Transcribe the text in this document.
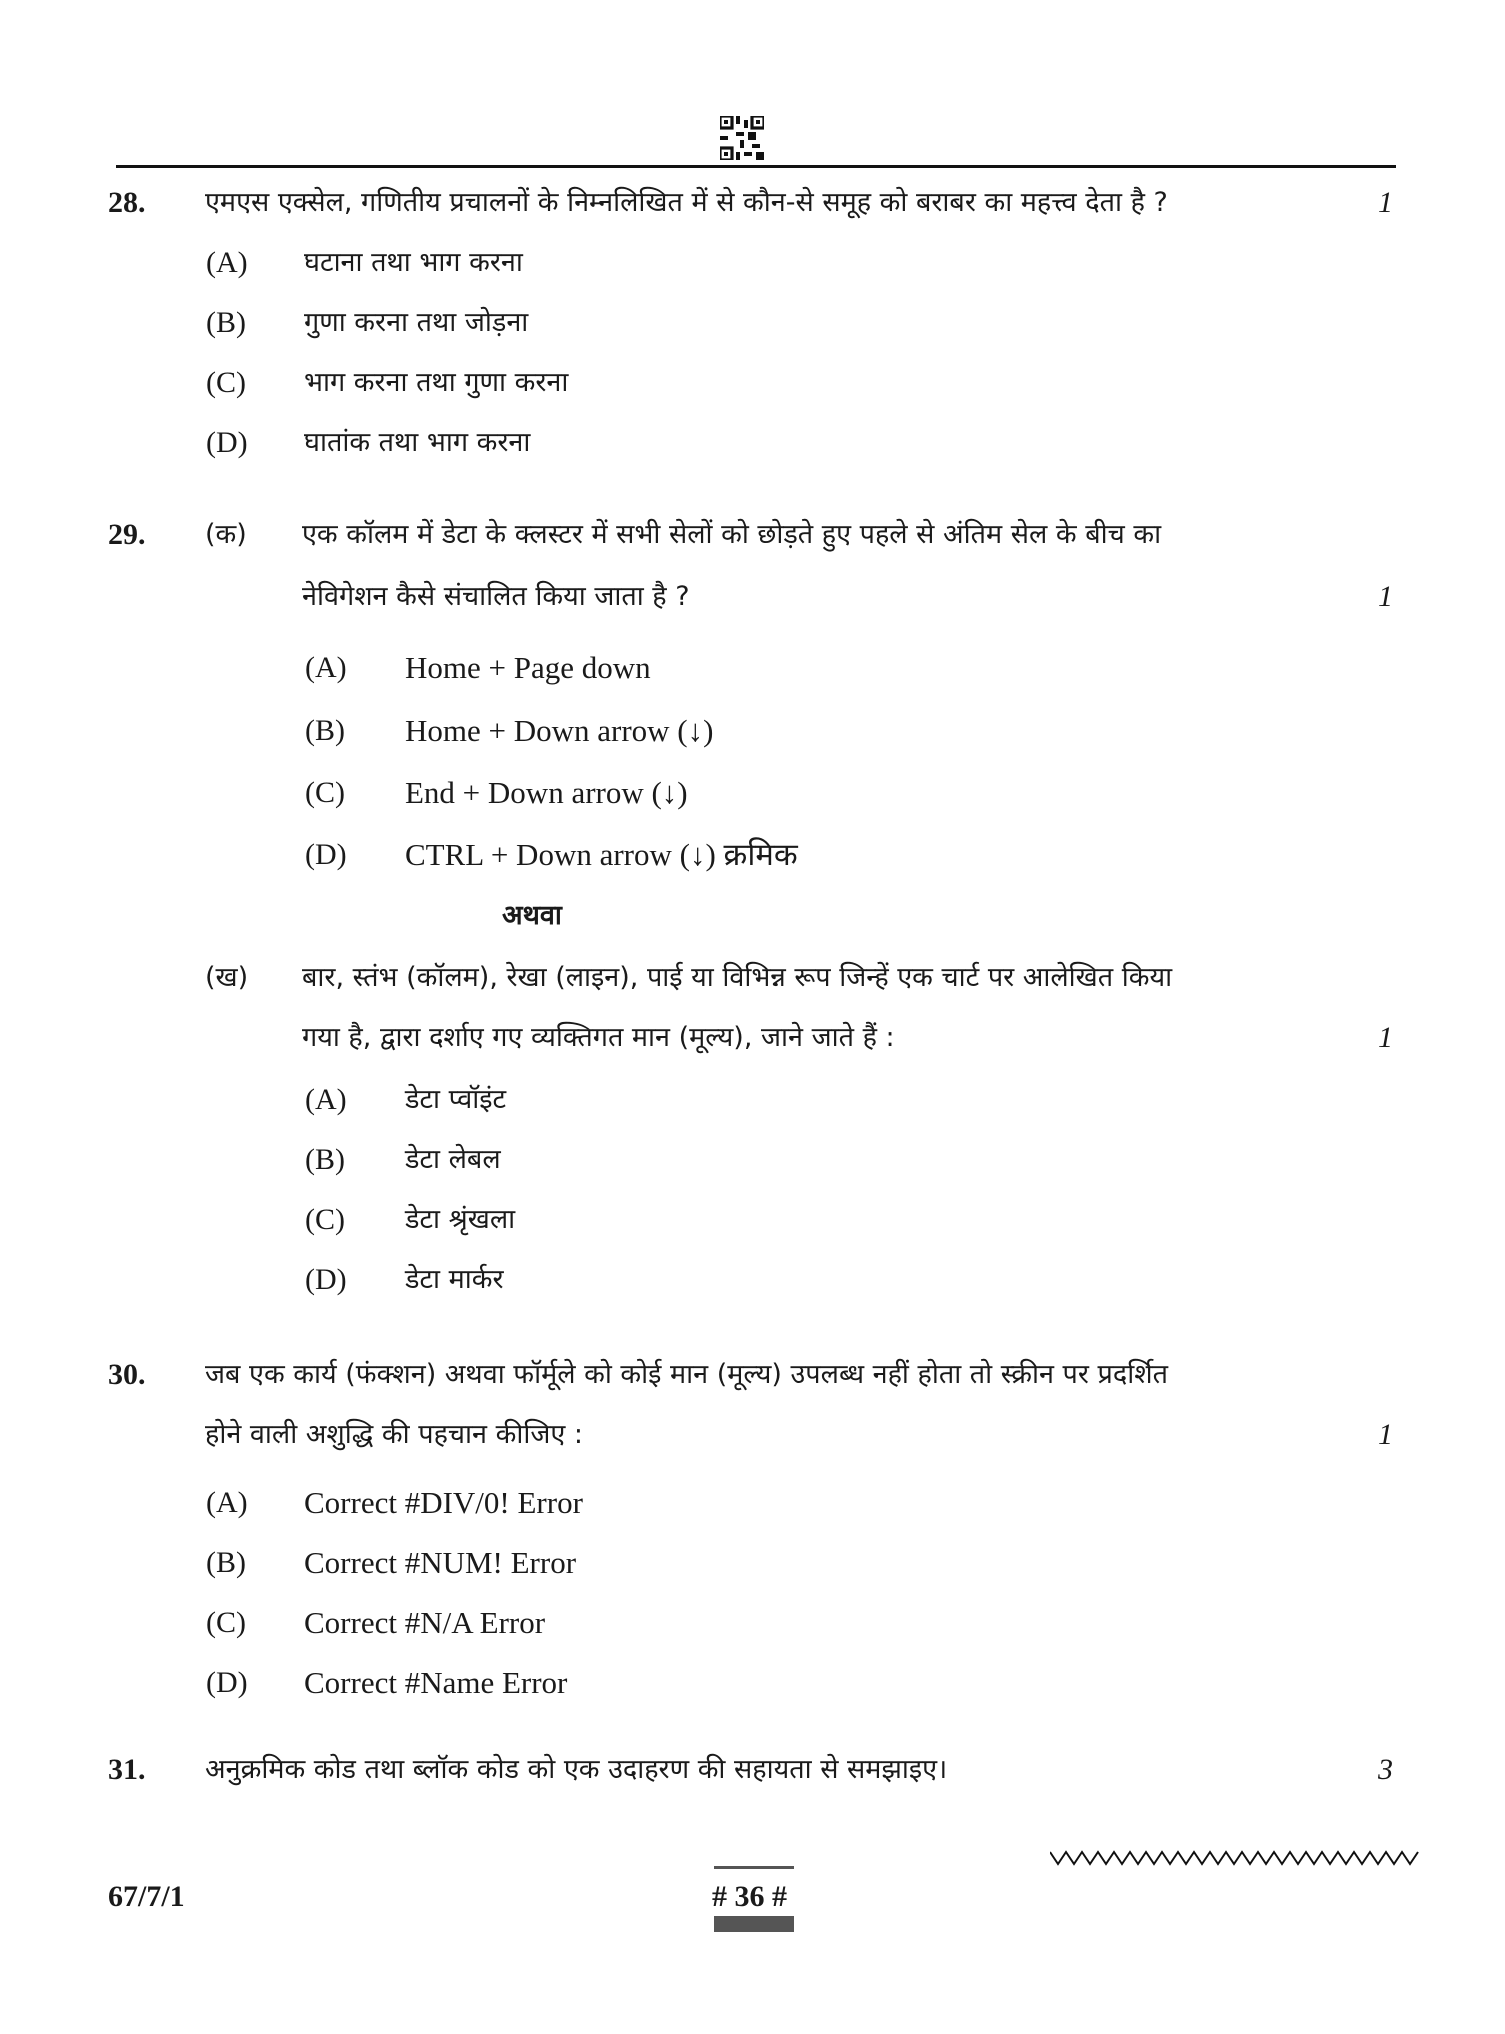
28. एमएस एक्सेल, गणितीय प्रचालनों के निम्नलिखित में से कौन-से समूह को बराबर का महत्त्व देता है ?	1
(A) घटाना तथा भाग करना
(B) गुणा करना तथा जोड़ना
(C) भाग करना तथा गुणा करना
(D) घातांक तथा भाग करना
29. (क) एक कॉलम में डेटा के क्लस्टर में सभी सेलों को छोड़ते हुए पहले से अंतिम सेल के बीच का
नेविगेशन कैसे संचालित किया जाता है ?	1
(A) Home + Page down
(B) Home + Down arrow (↓)
(C) End + Down arrow (↓)
(D) CTRL + Down arrow (↓) क्रमिक
अथवा
(ख) बार, स्तंभ (कॉलम), रेखा (लाइन), पाई या विभिन्न रूप जिन्हें एक चार्ट पर आलेखित किया
गया है, द्वारा दर्शाए गए व्यक्तिगत मान (मूल्य), जाने जाते हैं :	1
(A) डेटा प्वॉइंट
(B) डेटा लेबल
(C) डेटा श्रृंखला
(D) डेटा मार्कर
30. जब एक कार्य (फंक्शन) अथवा फॉर्मूले को कोई मान (मूल्य) उपलब्ध नहीं होता तो स्क्रीन पर प्रदर्शित
होने वाली अशुद्धि की पहचान कीजिए :	1
(A) Correct #DIV/0! Error
(B) Correct #NUM! Error
(C) Correct #N/A Error
(D) Correct #Name Error
31. अनुक्रमिक कोड तथा ब्लॉक कोड को एक उदाहरण की सहायता से समझाइए।	3
67/7/1	# 36 #
